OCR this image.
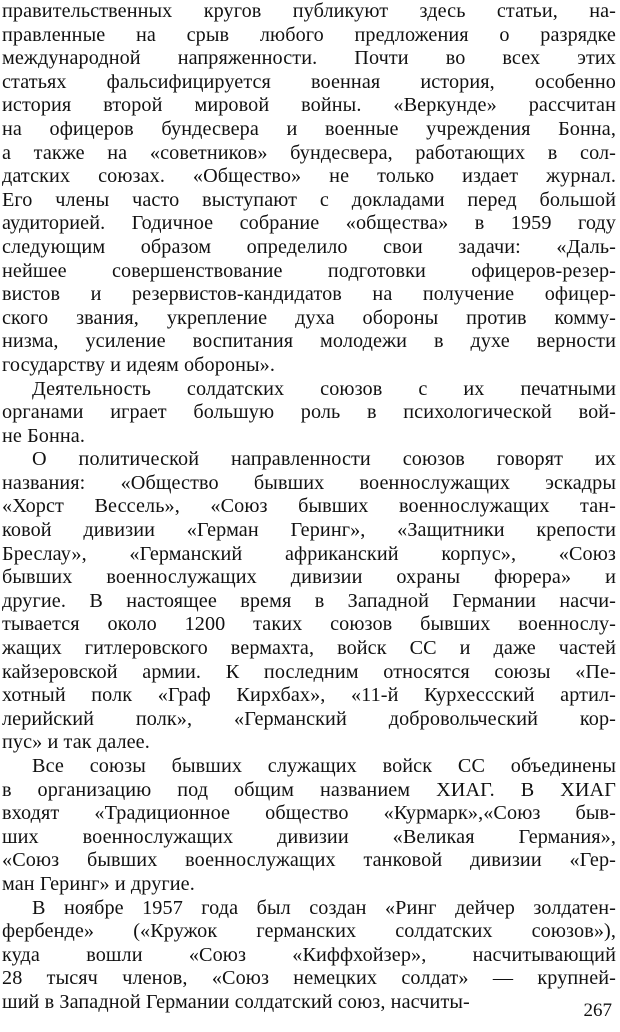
правительственных кругов публикуют здесь статьи, на-
правленные на срыв любого предложения о разрядке
международной напряженности. Почти во всех этих
статьях фальсифицируется военная история, особенно
история второй мировой войны. «Веркунде» рассчитан
на офицеров бундесвера и военные учреждения Бонна,
а также на «советников» бундесвера, работающих в сол-
датских союзах. «Общество» не только издает журнал.
Его члены часто выступают с докладами перед большой
аудиторией. Годичное собрание «общества» в 1959 году
следующим образом определило свои задачи: «Даль-
нейшее совершенствование подготовки офицеров-резер-
вистов и резервистов-кандидатов на получение офицер-
ского звания, укрепление духа обороны против комму-
низма, усиление воспитания молодежи в духе верности
государству и идеям обороны».
Деятельность солдатских союзов с их печатными
органами играет большую роль в психологической вой-
не Бонна.
О политической направленности союзов говорят их
названия: «Общество бывших военнослужащих эскадры
«Хорст Вессель», «Союз бывших военнослужащих тан-
ковой дивизии «Герман Геринг», «Защитники крепости
Бреслау», «Германский африканский корпус», «Союз
бывших военнослужащих дивизии охраны фюрера» и
другие. В настоящее время в Западной Германии насчи-
тывается около 1200 таких союзов бывших военнослу-
жащих гитлеровского вермахта, войск СС и даже частей
кайзеровской армии. К последним относятся союзы «Пе-
хотный полк «Граф Кирхбах», «11-й Курхессский артил-
лерийский полк», «Германский добровольческий кор-
пус» и так далее.
Все союзы бывших служащих войск СС объединены
в организацию под общим названием ХИАГ. В ХИАГ
входят «Традиционное общество «Курмарк»,«Союз быв-
ших военнослужащих дивизии «Великая Германия»,
«Союз бывших военнослужащих танковой дивизии «Гер-
ман Геринг» и другие.
В ноябре 1957 года был создан «Ринг дейчер золдатен-
фербенде» («Кружок германских солдатских союзов»),
куда вошли «Союз «Киффхойзер», насчитывающий
28 тысяч членов, «Союз немецких солдат» — крупней-
ший в Западной Германии солдатский союз, насчиты-	267
